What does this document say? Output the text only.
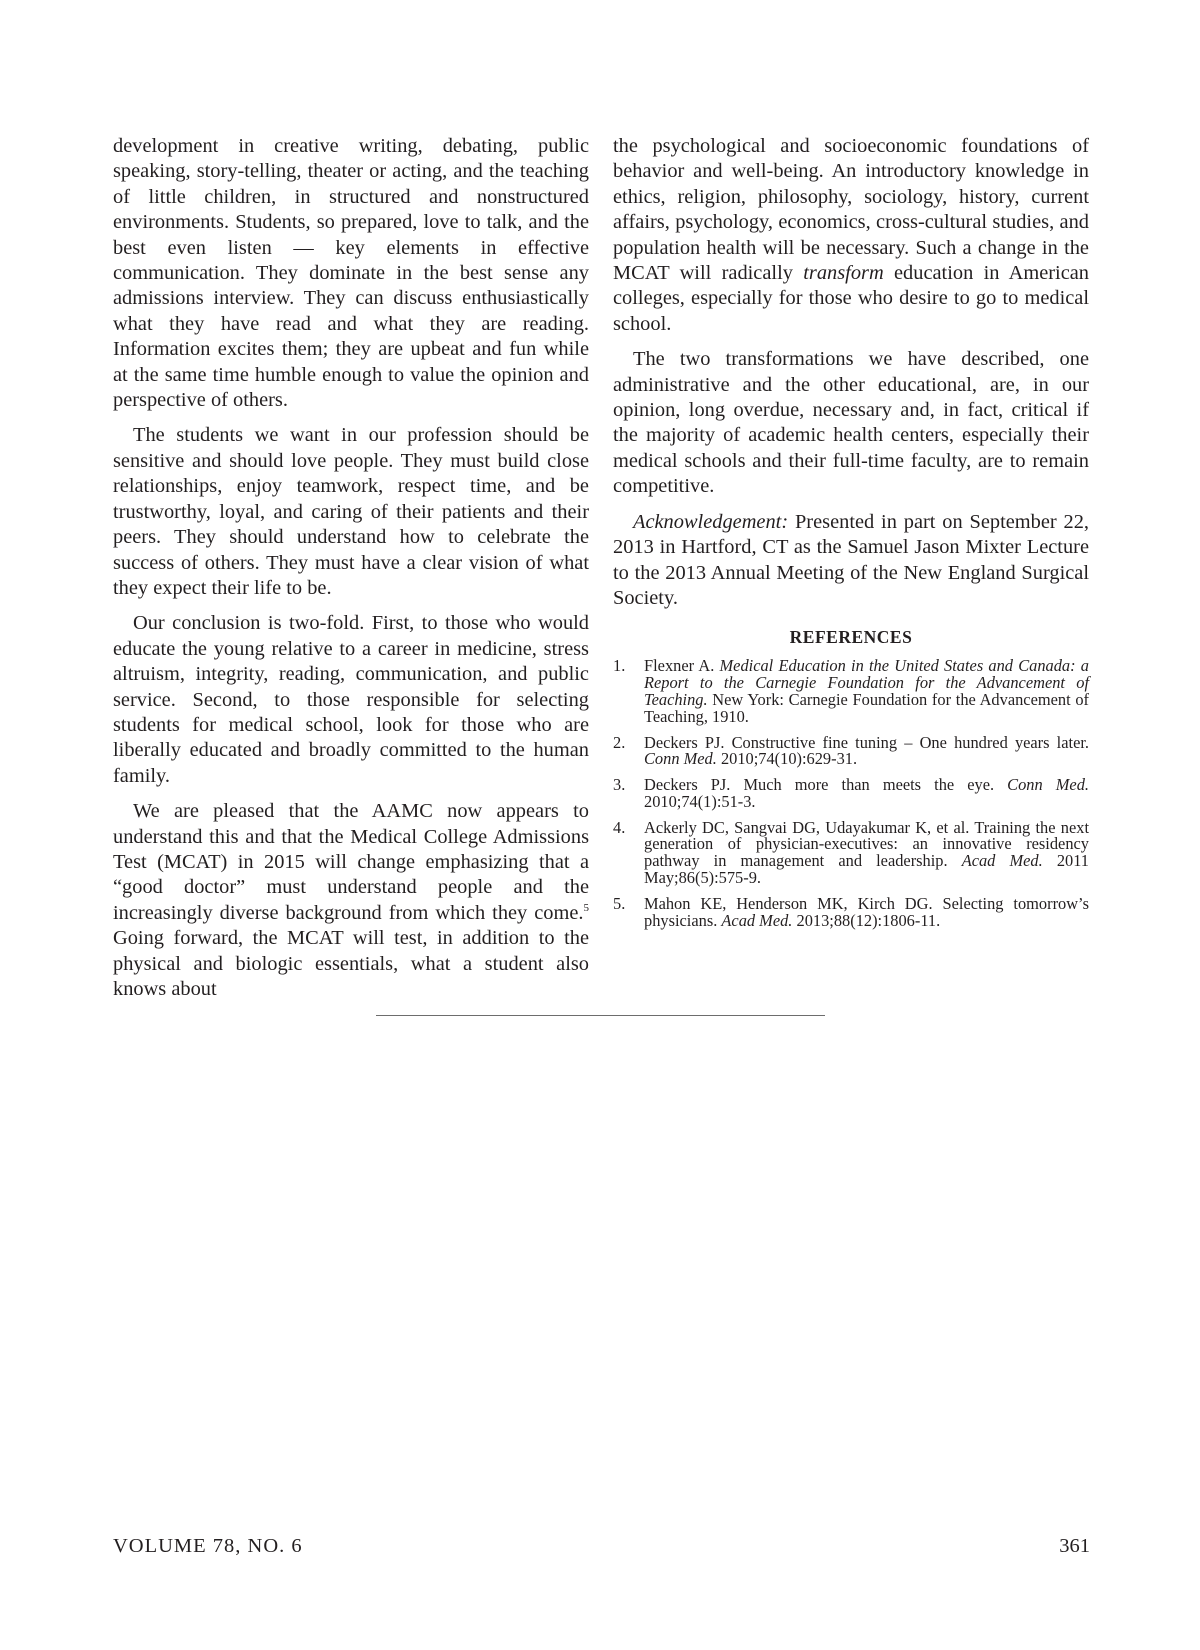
development in creative writing, debating, public speaking, story-telling, theater or acting, and the teaching of little children, in structured and nonstructured environments. Students, so prepared, love to talk, and the best even listen — key elements in effective communication. They dominate in the best sense any admissions interview. They can discuss enthusiastically what they have read and what they are reading. Information excites them; they are upbeat and fun while at the same time humble enough to value the opinion and perspective of others.

The students we want in our profession should be sensitive and should love people. They must build close relationships, enjoy teamwork, respect time, and be trustworthy, loyal, and caring of their patients and their peers. They should understand how to celebrate the success of others. They must have a clear vision of what they expect their life to be.

Our conclusion is two-fold. First, to those who would educate the young relative to a career in medicine, stress altruism, integrity, reading, communication, and public service. Second, to those responsible for selecting students for medical school, look for those who are liberally educated and broadly committed to the human family.

We are pleased that the AAMC now appears to understand this and that the Medical College Admissions Test (MCAT) in 2015 will change emphasizing that a “good doctor” must understand people and the increasingly diverse background from which they come.$^5$ Going forward, the MCAT will test, in addition to the physical and biologic essentials, what a student also knows about

the psychological and socioeconomic foundations of behavior and well-being. An introductory knowledge in ethics, religion, philosophy, sociology, history, current affairs, psychology, economics, cross-cultural studies, and population health will be necessary. Such a change in the MCAT will radically transform education in American colleges, especially for those who desire to go to medical school.

The two transformations we have described, one administrative and the other educational, are, in our opinion, long overdue, necessary and, in fact, critical if the majority of academic health centers, especially their medical schools and their full-time faculty, are to remain competitive.

Acknowledgement: Presented in part on September 22, 2013 in Hartford, CT as the Samuel Jason Mixter Lecture to the 2013 Annual Meeting of the New England Surgical Society.

REFERENCES
1.	Flexner A. Medical Education in the United States and Canada: a Report to the Carnegie Foundation for the Advancement of Teaching. New York: Carnegie Foundation for the Advancement of Teaching, 1910.
2.	Deckers PJ. Constructive fine tuning – One hundred years later. Conn Med. 2010;74(10):629-31.
3.	Deckers PJ. Much more than meets the eye. Conn Med. 2010;74(1):51-3.
4.	Ackerly DC, Sangvai DG, Udayakumar K, et al. Training the next generation of physician-executives: an innovative residency pathway in management and leadership. Acad Med. 2011 May;86(5):575-9.
5.	Mahon KE, Henderson MK, Kirch DG. Selecting tomorrow’s physicians. Acad Med. 2013;88(12):1806-11.
VOLUME 78, NO. 6	361
